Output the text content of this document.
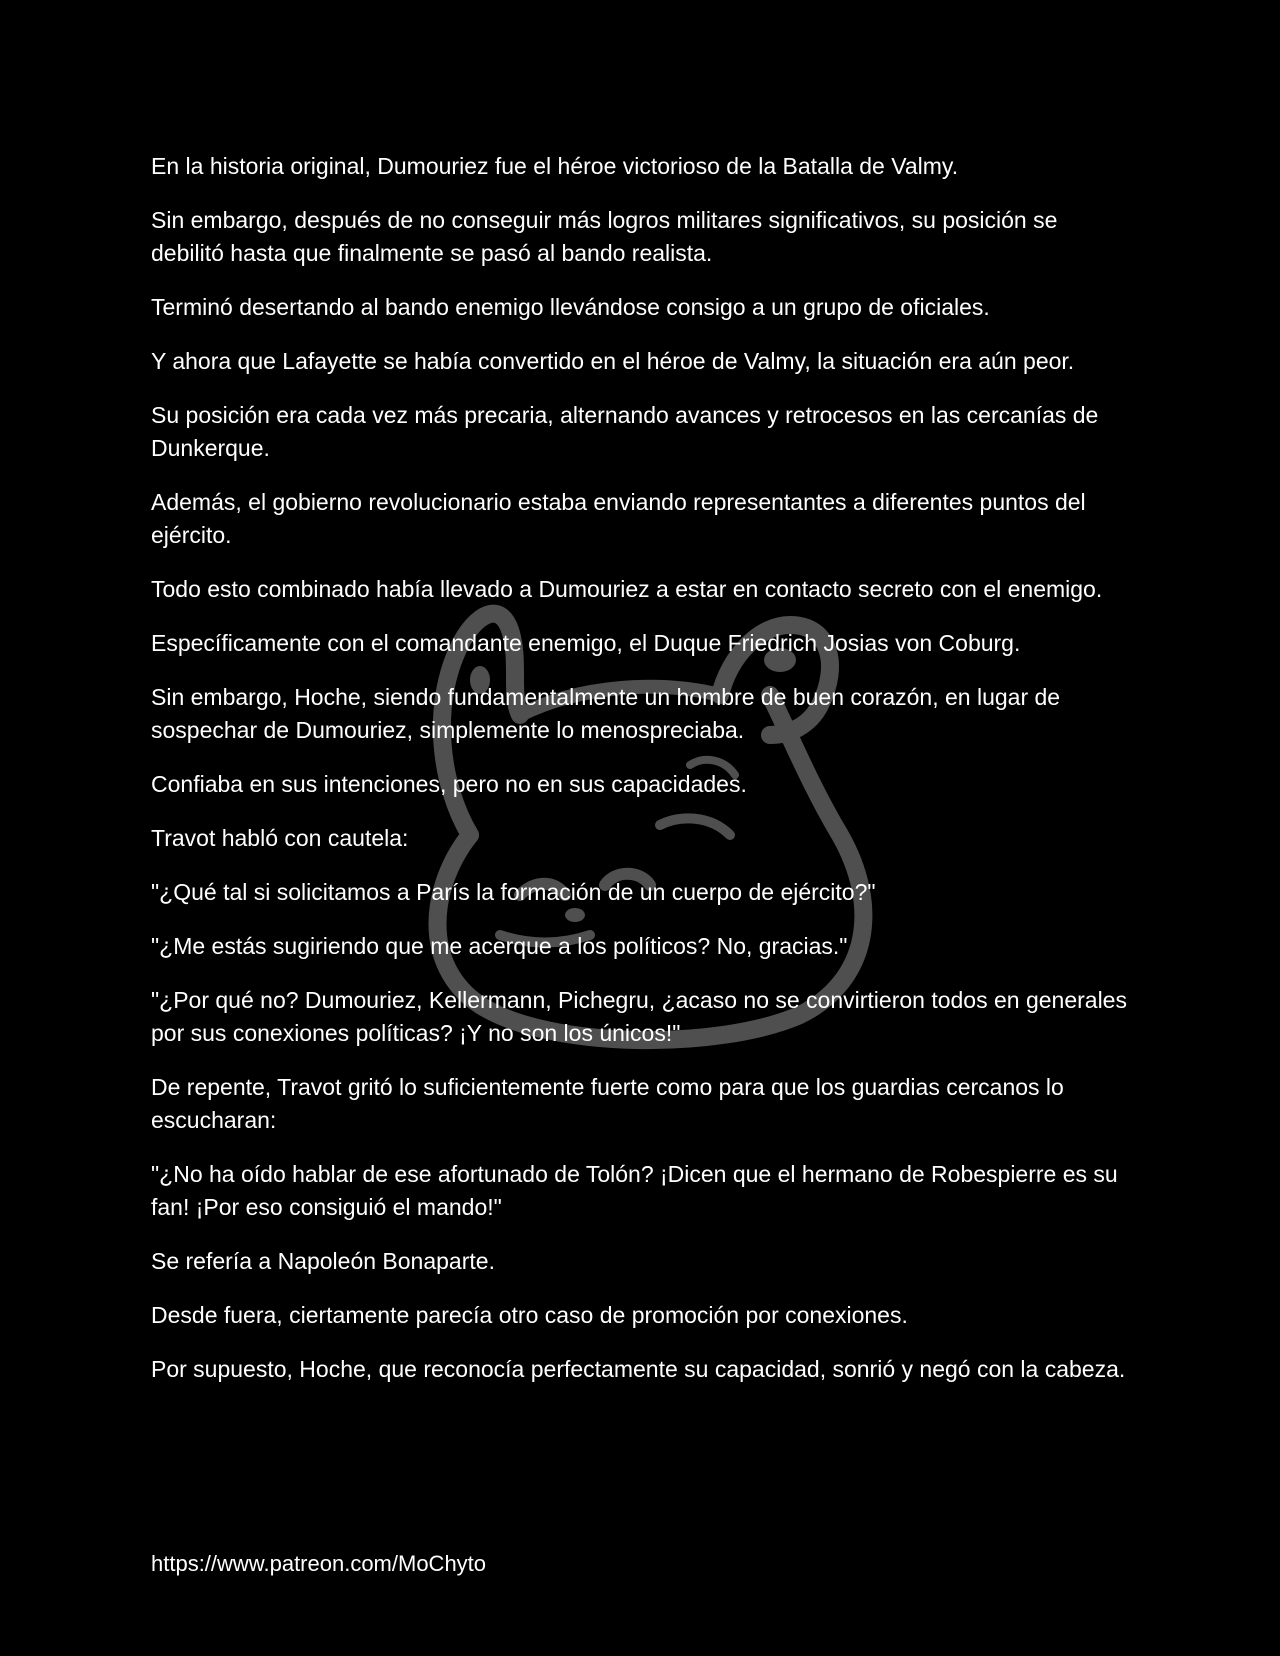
En la historia original, Dumouriez fue el héroe victorioso de la Batalla de Valmy.

Sin embargo, después de no conseguir más logros militares significativos, su posición se debilitó hasta que finalmente se pasó al bando realista.

Terminó desertando al bando enemigo llevándose consigo a un grupo de oficiales.

Y ahora que Lafayette se había convertido en el héroe de Valmy, la situación era aún peor.

Su posición era cada vez más precaria, alternando avances y retrocesos en las cercanías de Dunkerque.

Además, el gobierno revolucionario estaba enviando representantes a diferentes puntos del ejército.

Todo esto combinado había llevado a Dumouriez a estar en contacto secreto con el enemigo.

Específicamente con el comandante enemigo, el Duque Friedrich Josias von Coburg.

Sin embargo, Hoche, siendo fundamentalmente un hombre de buen corazón, en lugar de sospechar de Dumouriez, simplemente lo menospreciaba.

Confiaba en sus intenciones, pero no en sus capacidades.

Travot habló con cautela:

"¿Qué tal si solicitamos a París la formación de un cuerpo de ejército?"

"¿Me estás sugiriendo que me acerque a los políticos? No, gracias."

"¿Por qué no? Dumouriez, Kellermann, Pichegru, ¿acaso no se convirtieron todos en generales por sus conexiones políticas? ¡Y no son los únicos!"

De repente, Travot gritó lo suficientemente fuerte como para que los guardias cercanos lo escucharan:

"¿No ha oído hablar de ese afortunado de Tolón? ¡Dicen que el hermano de Robespierre es su fan! ¡Por eso consiguió el mando!"

Se refería a Napoleón Bonaparte.

Desde fuera, ciertamente parecía otro caso de promoción por conexiones.

Por supuesto, Hoche, que reconocía perfectamente su capacidad, sonrió y negó con la cabeza.

https://www.patreon.com/MoChyto
